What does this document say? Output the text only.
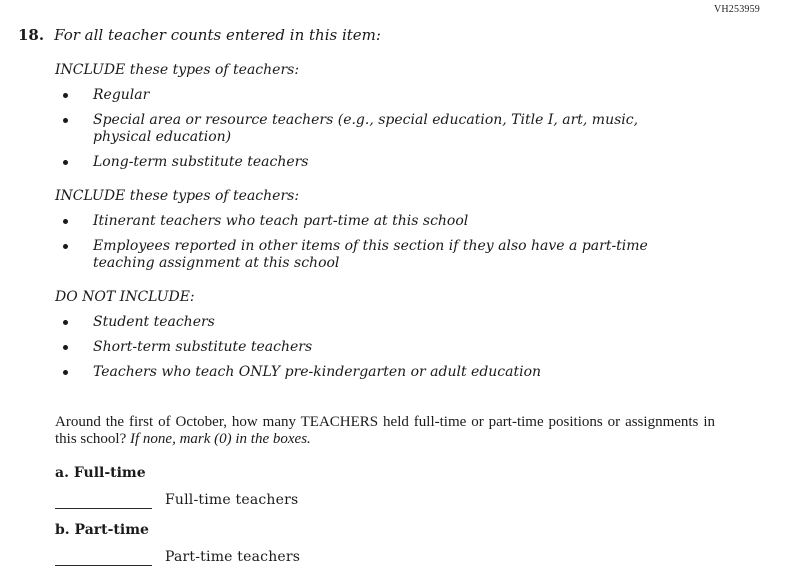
VH253959
18. For all teacher counts entered in this item:
INCLUDE these types of teachers:
Regular
Special area or resource teachers (e.g., special education, Title I, art, music, physical education)
Long-term substitute teachers
INCLUDE these types of teachers:
Itinerant teachers who teach part-time at this school
Employees reported in other items of this section if they also have a part-time teaching assignment at this school
DO NOT INCLUDE:
Student teachers
Short-term substitute teachers
Teachers who teach ONLY pre-kindergarten or adult education

Around the first of October, how many TEACHERS held full-time or part-time positions or assignments in this school? If none, mark (0) in the boxes.

a. Full-time
Full-time teachers
b. Part-time
Part-time teachers
